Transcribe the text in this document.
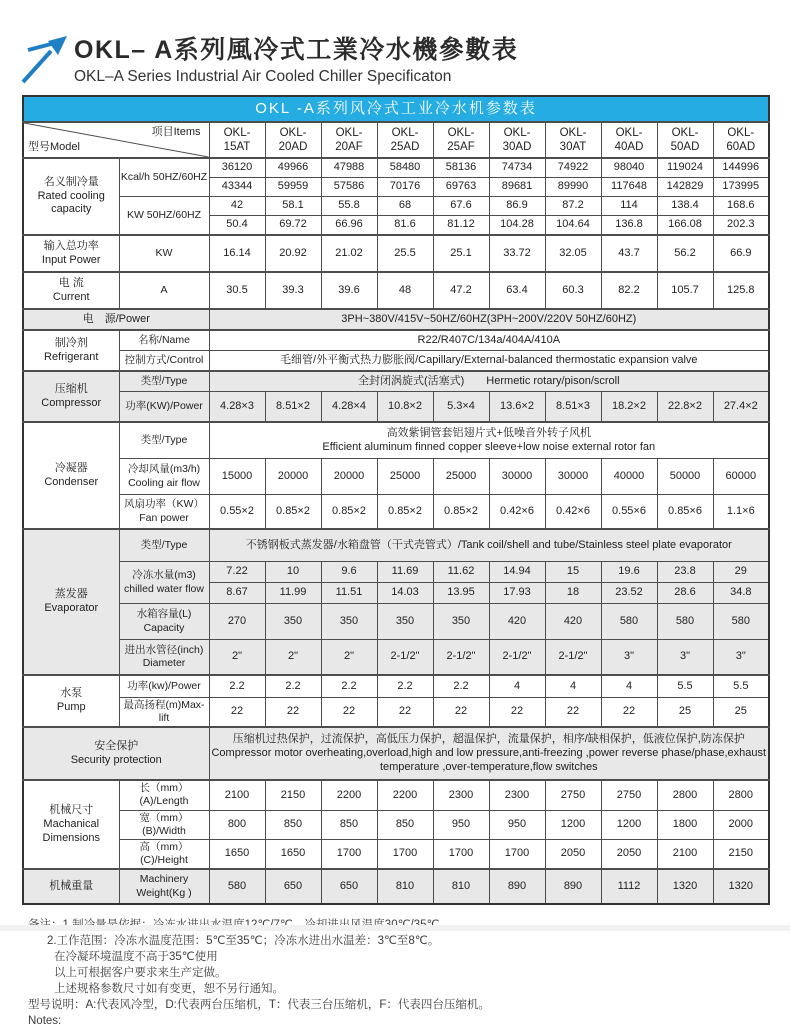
OKL– A系列風冷式工業冷水機參數表
OKL–A Series Industrial Air Cooled Chiller Specificaton
OKL -A系列风冷式工业冷水机参数表											

型号Model
项目Items		OKL-15AT	OKL-20AD	OKL-20AF	OKL-25AD	OKL-25AF	OKL-30AD	OKL-30AT	OKL-40AD	OKL-50AD	OKL-60AD

名义制冷量
Rated cooling capacity	Kcal/h 50HZ/60HZ	36120	49966	47988	58480	58136	74734	74922	98040	119024	144996
		43344	59959	57586	70176	69763	89681	89990	117648	142829	173995
	KW 50HZ/60HZ	42	58.1	55.8	68	67.6	86.9	87.2	114	138.4	168.6
		50.4	69.72	66.96	81.6	81.12	104.28	104.64	136.8	166.08	202.3

输入总功率
Input Power	KW	16.14	20.92	21.02	25.5	25.1	33.72	32.05	43.7	56.2	66.9

电 流
Current	A	30.5	39.3	39.6	48	47.2	63.4	60.3	82.2	105.7	125.8
电　源/Power		3PH~380V/415V~50HZ/60HZ(3PH~200V/220V 50HZ/60HZ)									

制冷剂
Refrigerant	名称/Name	R22/R407C/134a/404A/410A									
	控制方式/Control	毛细管/外平衡式热力膨胀阀/Capillary/External-balanced thermostatic expansion valve									

压缩机
Compressor	类型/Type	全封闭涡旋式(活塞式)　　Hermetic rotary/pison/scroll									
	功率(KW)/Power	4.28×3	8.51×2	4.28×4	10.8×2	5.3×4	13.6×2	8.51×3	18.2×2	22.8×2	27.4×2

冷凝器
Condenser
	类型/Type	
高效紫铜管套铝翅片式+低噪音外转子风机
Efficient aluminum finned copper sleeve+low noise external rotor fan

	冷却风量(m3/h) Cooling air flow	15000	20000	20000	25000	25000	30000	30000	40000	50000	60000
	风扇功率（KW） Fan power	0.55×2	0.85×2	0.85×2	0.85×2	0.85×2	0.42×6	0.42×6	0.55×6	0.85×6	1.1×6

蒸发器
Evaporator	类型/Type	不锈钢板式蒸发器/水箱盘管（干式壳管式）/Tank coil/shell and tube/Stainless steel plate evaporator									
	冷冻水量(m3) chilled water flow	7.22	10	9.6	11.69	11.62	14.94	15	19.6	23.8	29
		8.67	11.99	11.51	14.03	13.95	17.93	18	23.52	28.6	34.8
	水箱容量(L) Capacity	270	350	350	350	350	420	420	580	580	580
	进出水管径(inch) Diameter	2"	2"	2"	2-1/2"	2-1/2"	2-1/2"	2-1/2"	3"	3"	3"

水泵
Pump	功率(kw)/Power	2.2	2.2	2.2	2.2	2.2	4	4	4	5.5	5.5
	最高扬程(m)Max-lift	22	22	22	22	22	22	22	22	25	25

安全保护
Security protection

压缩机过热保护，过流保护，高低压力保护，超温保护，流量保护，相序/缺相保护，低液位保护,防冻保护
Compressor motor overheating,overload,high and low pressure,anti-freezing ,power reverse phase/phase,exhaust temperature ,over-temperature,flow switches

机械尺寸
Machanical Dimensions	长（mm）(A)/Length	2100	2150	2200	2200	2300	2300	2750	2750	2800	2800
	宽（mm）(B)/Width	800	850	850	850	950	950	1200	1200	1800	2000
	高（mm）(C)/Height	1650	1650	1700	1700	1700	1700	2050	2050	2100	2150
机械重量	Machinery Weight(Kg )	580	650	650	810	810	890	890	1112	1320	1320
2.工作范围：冷冻水温度范围：5℃至35℃；冷冻水进出水温差：3℃至8℃。
在冷凝环境温度不高于35℃使用
以上可根据客户要求来生产定做。
上述规格参数尺寸如有变更，恕不另行通知。
型号说明：A:代表风冷型，D:代表两台压缩机，T：代表三台压缩机，F：代表四台压缩机。
Notes:
